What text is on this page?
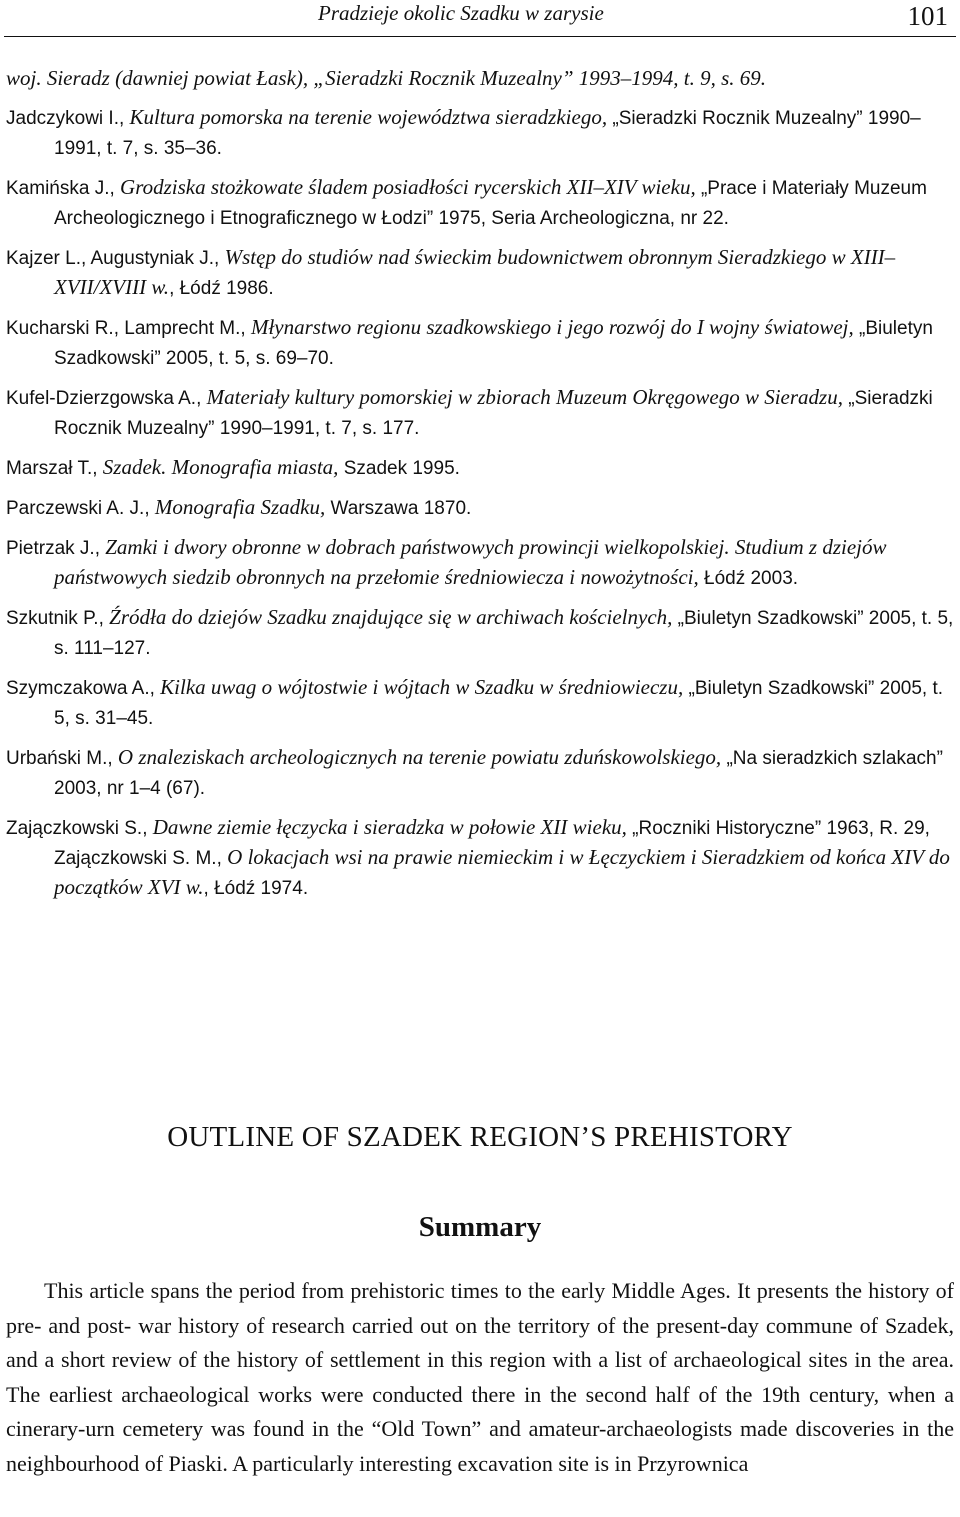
Pradzieje okolic Szadku w zarysie	101

woj. Sieradz (dawniej powiat Łask), „Sieradzki Rocznik Muzealny” 1993–1994, t. 9, s. 69.

Jadczykowi I., Kultura pomorska na terenie województwa sieradzkiego, „Sieradzki Rocznik Muzealny” 1990–1991, t. 7, s. 35–36.

Kamińska J., Grodziska stożkowate śladem posiadłości rycerskich XII–XIV wieku, „Prace i Materiały Muzeum Archeologicznego i Etnograficznego w Łodzi” 1975, Seria Archeologiczna, nr 22.

Kajzer L., Augustyniak J., Wstęp do studiów nad świeckim budownictwem obronnym Sieradzkiego w XIII–XVII/XVIII w., Łódź 1986.

Kucharski R., Lamprecht M., Młynarstwo regionu szadkowskiego i jego rozwój do I wojny światowej, „Biuletyn Szadkowski” 2005, t. 5, s. 69–70.

Kufel-Dzierzgowska A., Materiały kultury pomorskiej w zbiorach Muzeum Okręgowego w Sieradzu, „Sieradzki Rocznik Muzealny” 1990–1991, t. 7, s. 177.

Marszał T., Szadek. Monografia miasta, Szadek 1995.

Parczewski A. J., Monografia Szadku, Warszawa 1870.

Pietrzak J., Zamki i dwory obronne w dobrach państwowych prowincji wielkopolskiej. Studium z dziejów państwowych siedzib obronnych na przełomie średniowiecza i nowożytności, Łódź 2003.

Szkutnik P., Źródła do dziejów Szadku znajdujące się w archiwach kościelnych, „Biuletyn Szadkowski” 2005, t. 5, s. 111–127.

Szymczakowa A., Kilka uwag o wójtostwie i wójtach w Szadku w średniowieczu, „Biuletyn Szadkowski” 2005, t. 5, s. 31–45.

Urbański M., O znaleziskach archeologicznych na terenie powiatu zduńskowolskiego, „Na sieradzkich szlakach” 2003, nr 1–4 (67).

Zajączkowski S., Dawne ziemie łęczycka i sieradzka w połowie XII wieku, „Roczniki Historyczne” 1963, R. 29, Zajączkowski S. M., O lokacjach wsi na prawie niemieckim i w Łęczyckiem i Sieradzkiem od końca XIV do początków XVI w., Łódź 1974.

OUTLINE OF SZADEK REGION’S PREHISTORY
Summary

This article spans the period from prehistoric times to the early Middle Ages. It presents the history of pre- and post- war history of research carried out on the territory of the present-day commune of Szadek, and a short review of the history of settlement in this region with a list of archaeological sites in the area. The earliest archaeological works were conducted there in the second half of the 19th century, when a cinerary-urn cemetery was found in the “Old Town” and amateur-archaeologists made discoveries in the neighbourhood of Piaski. A particularly interesting excavation site is in Przyrownica
